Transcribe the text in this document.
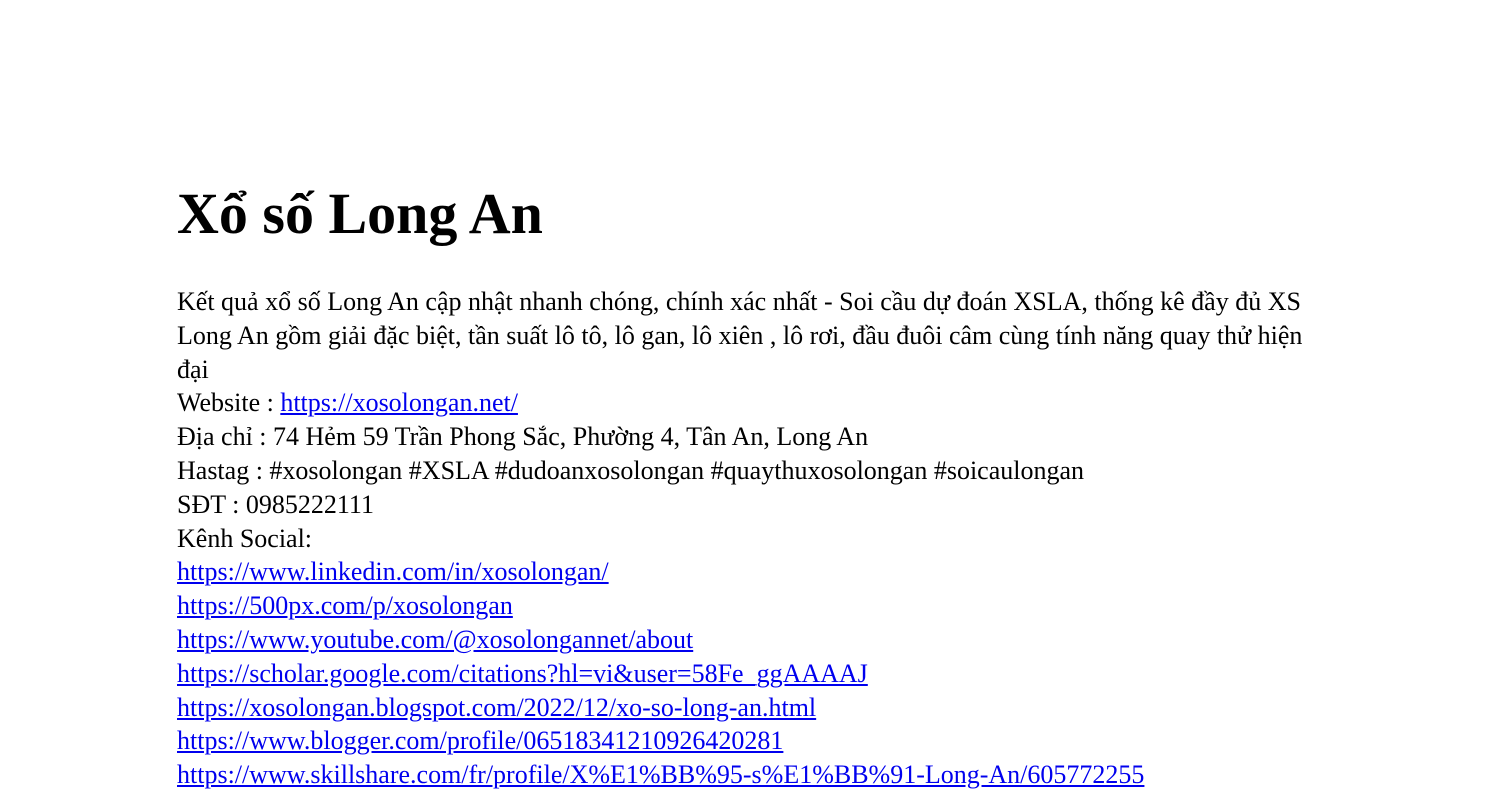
Xổ số Long An

Kết quả xổ số Long An cập nhật nhanh chóng, chính xác nhất - Soi cầu dự đoán XSLA, thống kê đầy đủ XS Long An gồm giải đặc biệt, tần suất lô tô, lô gan, lô xiên , lô rơi, đầu đuôi câm cùng tính năng quay thử hiện đại

Website : https://xosolongan.net/
Địa chỉ : 74 Hẻm 59 Trần Phong Sắc, Phường 4, Tân An, Long An
Hastag : #xosolongan #XSLA #dudoanxosolongan #quaythuxosolongan #soicaulongan
SĐT : 0985222111
Kênh Social:
https://www.linkedin.com/in/xosolongan/
https://500px.com/p/xosolongan
https://www.youtube.com/@xosolongannet/about
https://scholar.google.com/citations?hl=vi&user=58Fe_ggAAAAJ
https://xosolongan.blogspot.com/2022/12/xo-so-long-an.html
https://www.blogger.com/profile/06518341210926420281
https://www.skillshare.com/fr/profile/X%E1%BB%95-s%E1%BB%91-Long-An/605772255
